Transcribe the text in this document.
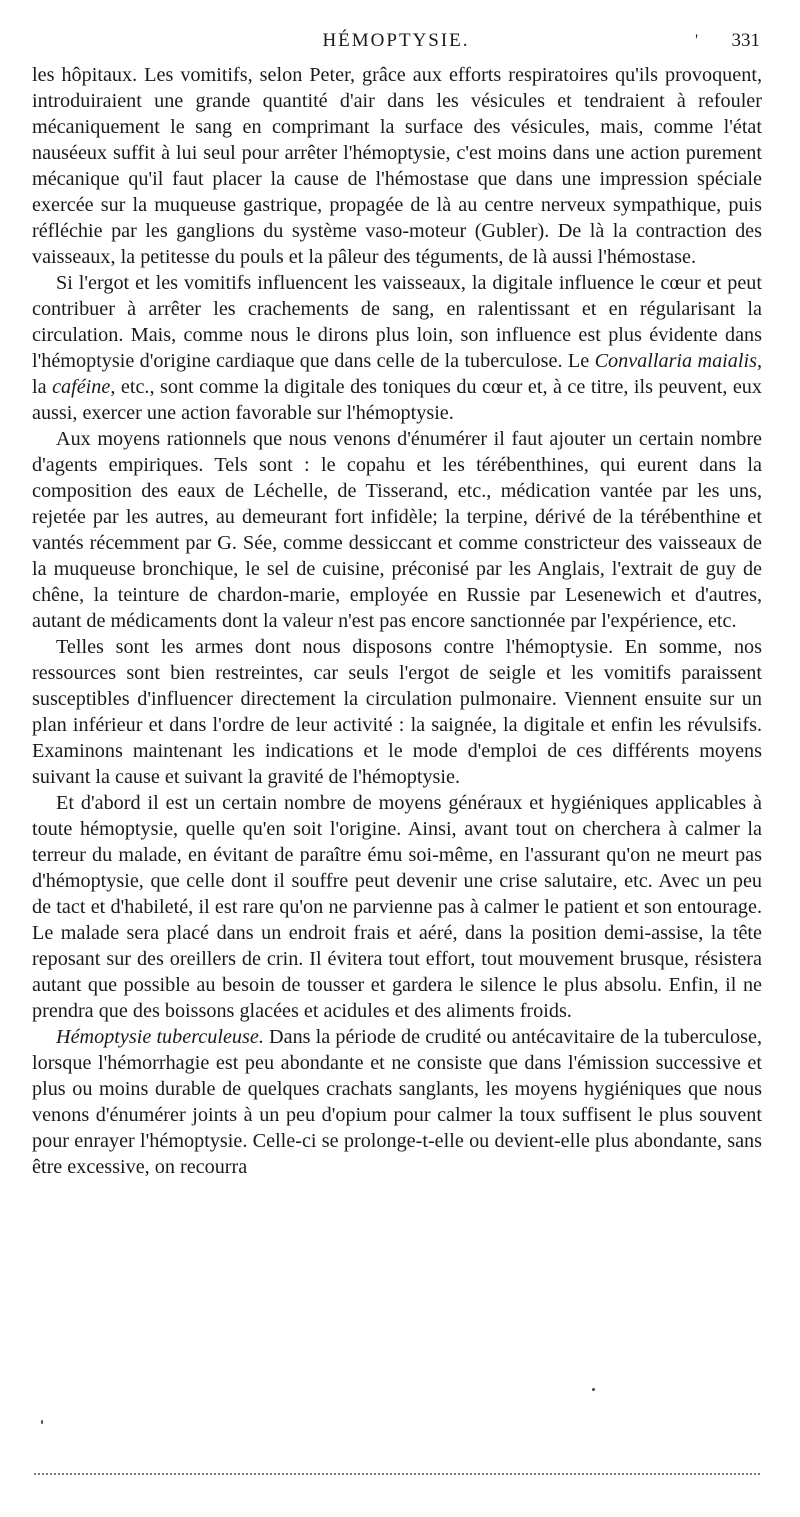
HÉMOPTYSIE.	' 331

les hôpitaux. Les vomitifs, selon Peter, grâce aux efforts respiratoires qu'ils provoquent, introduiraient une grande quantité d'air dans les vésicules et tendraient à refouler mécaniquement le sang en comprimant la surface des vésicules, mais, comme l'état nauséeux suffit à lui seul pour arrêter l'hémoptysie, c'est moins dans une action purement mécanique qu'il faut placer la cause de l'hémostase que dans une impression spéciale exercée sur la muqueuse gastrique, propagée de là au centre nerveux sympathique, puis réfléchie par les ganglions du système vaso-moteur (Gubler). De là la contraction des vaisseaux, la petitesse du pouls et la pâleur des téguments, de là aussi l'hémostase.

Si l'ergot et les vomitifs influencent les vaisseaux, la digitale influence le cœur et peut contribuer à arrêter les crachements de sang, en ralentissant et en régularisant la circulation. Mais, comme nous le dirons plus loin, son influence est plus évidente dans l'hémoptysie d'origine cardiaque que dans celle de la tuberculose. Le Convallaria maialis, la caféine, etc., sont comme la digitale des toniques du cœur et, à ce titre, ils peuvent, eux aussi, exercer une action favorable sur l'hémoptysie.

Aux moyens rationnels que nous venons d'énumérer il faut ajouter un certain nombre d'agents empiriques. Tels sont : le copahu et les térébenthines, qui eurent dans la composition des eaux de Léchelle, de Tisserand, etc., médication vantée par les uns, rejetée par les autres, au demeurant fort infidèle; la terpine, dérivé de la térébenthine et vantés récemment par G. Sée, comme dessiccant et comme constricteur des vaisseaux de la muqueuse bronchique, le sel de cuisine, préconisé par les Anglais, l'extrait de guy de chêne, la teinture de chardon-marie, employée en Russie par Lesenewich et d'autres, autant de médicaments dont la valeur n'est pas encore sanctionnée par l'expérience, etc.

Telles sont les armes dont nous disposons contre l'hémoptysie. En somme, nos ressources sont bien restreintes, car seuls l'ergot de seigle et les vomitifs paraissent susceptibles d'influencer directement la circulation pulmonaire. Viennent ensuite sur un plan inférieur et dans l'ordre de leur activité : la saignée, la digitale et enfin les révulsifs. Examinons maintenant les indications et le mode d'emploi de ces différents moyens suivant la cause et suivant la gravité de l'hémoptysie.

Et d'abord il est un certain nombre de moyens généraux et hygiéniques applicables à toute hémoptysie, quelle qu'en soit l'origine. Ainsi, avant tout on cherchera à calmer la terreur du malade, en évitant de paraître ému soi-même, en l'assurant qu'on ne meurt pas d'hémoptysie, que celle dont il souffre peut devenir une crise salutaire, etc. Avec un peu de tact et d'habileté, il est rare qu'on ne parvienne pas à calmer le patient et son entourage. Le malade sera placé dans un endroit frais et aéré, dans la position demi-assise, la tête reposant sur des oreillers de crin. Il évitera tout effort, tout mouvement brusque, résistera autant que possible au besoin de tousser et gardera le silence le plus absolu. Enfin, il ne prendra que des boissons glacées et acidules et des aliments froids.

Hémoptysie tuberculeuse. Dans la période de crudité ou antécavitaire de la tuberculose, lorsque l'hémorrhagie est peu abondante et ne consiste que dans l'émission successive et plus ou moins durable de quelques crachats sanglants, les moyens hygiéniques que nous venons d'énumérer joints à un peu d'opium pour calmer la toux suffisent le plus souvent pour enrayer l'hémoptysie. Celle-ci se prolonge-t-elle ou devient-elle plus abondante, sans être excessive, on recourra
